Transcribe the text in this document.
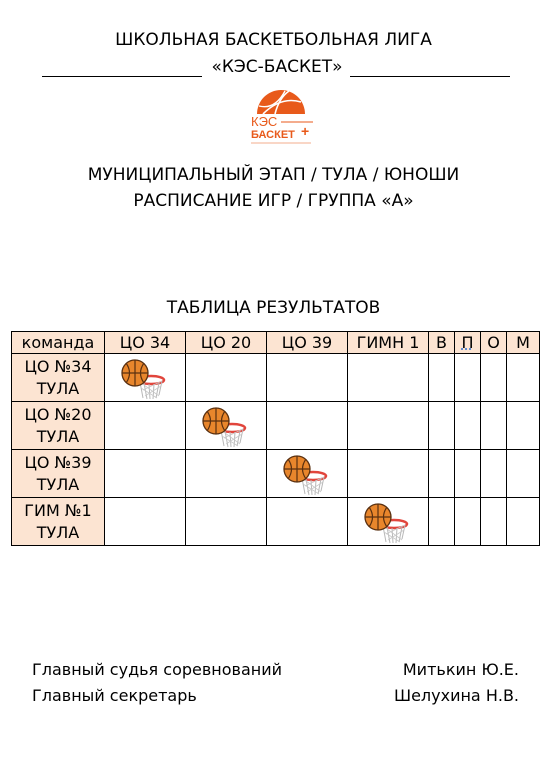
ШКОЛЬНАЯ БАСКЕТБОЛЬНАЯ ЛИГА
«КЭС-БАСКЕТ»
КЭС
БАСКЕТ +
МУНИЦИПАЛЬНЫЙ ЭТАП / ТУЛА / ЮНОШИ
РАСПИСАНИЕ ИГР / ГРУППА «А»
ТАБЛИЦА РЕЗУЛЬТАТОВ
команда	ЦО 34	ЦО 20	ЦО 39	ГИМН 1	В	П	О	М

ЦО №34
ТУЛА

ЦО №20
ТУЛА

ЦО №39
ТУЛА

ГИМ №1
ТУЛА

Главный судья соревнований	Митькин Ю.Е.
Главный секретарь	Шелухина Н.В.
